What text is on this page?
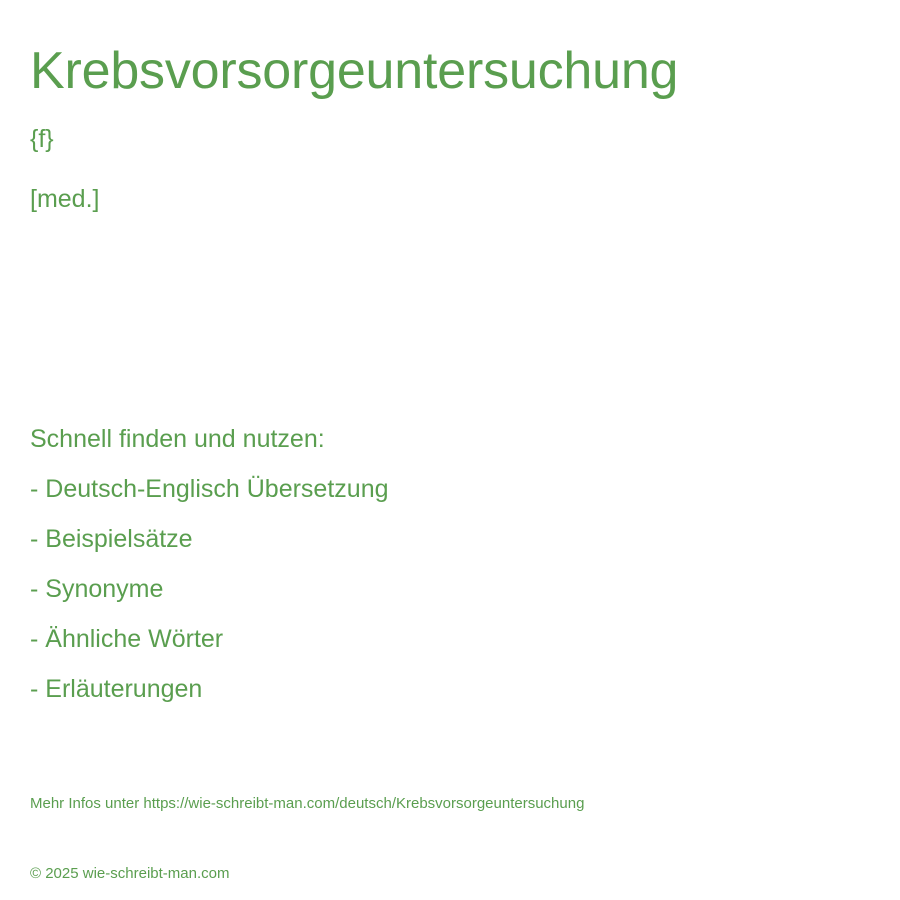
Krebsvorsorgeuntersuchung
{f}
[med.]
Schnell finden und nutzen:
- Deutsch-Englisch Übersetzung
- Beispielsätze
- Synonyme
- Ähnliche Wörter
- Erläuterungen
Mehr Infos unter https://wie-schreibt-man.com/deutsch/Krebsvorsorgeuntersuchung
© 2025 wie-schreibt-man.com
